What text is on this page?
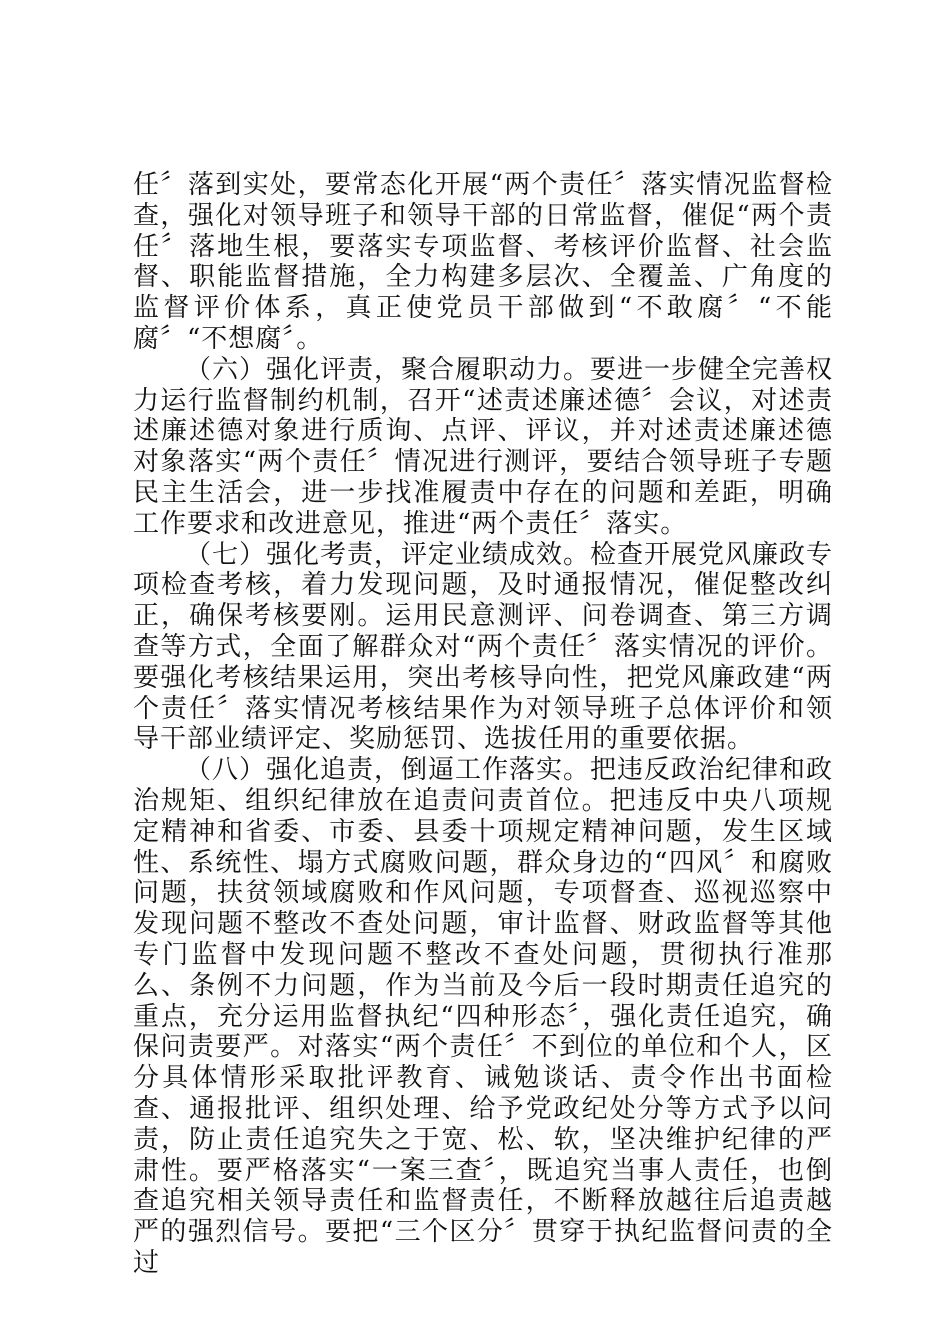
任〞落到实处，要常态化开展“两个责任〞落实情况监督检查，强化对领导班子和领导干部的日常监督，催促“两个责任〞落地生根，要落实专项监督、考核评价监督、社会监督、职能监督措施，全力构建多层次、全覆盖、广角度的监督评价体系，真正使党员干部做到“不敢腐〞“不能腐〞“不想腐〞。

（六）强化评责，聚合履职动力。要进一步健全完善权力运行监督制约机制，召开“述责述廉述德〞会议，对述责述廉述德对象进行质询、点评、评议，并对述责述廉述德对象落实“两个责任〞情况进行测评，要结合领导班子专题民主生活会，进一步找准履责中存在的问题和差距，明确工作要求和改进意见，推进“两个责任〞落实。

（七）强化考责，评定业绩成效。检查开展党风廉政专项检查考核，着力发现问题，及时通报情况，催促整改纠正，确保考核要刚。运用民意测评、问卷调查、第三方调查等方式，全面了解群众对“两个责任〞落实情况的评价。要强化考核结果运用，突出考核导向性，把党风廉政建“两个责任〞落实情况考核结果作为对领导班子总体评价和领导干部业绩评定、奖励惩罚、选拔任用的重要依据。

（八）强化追责，倒逼工作落实。把违反政治纪律和政治规矩、组织纪律放在追责问责首位。把违反中央八项规定精神和省委、市委、县委十项规定精神问题，发生区域性、系统性、塌方式腐败问题，群众身边的“四风〞和腐败问题，扶贫领域腐败和作风问题，专项督查、巡视巡察中发现问题不整改不查处问题，审计监督、财政监督等其他专门监督中发现问题不整改不查处问题，贯彻执行准那么、条例不力问题，作为当前及今后一段时期责任追究的重点，充分运用监督执纪“四种形态〞，强化责任追究，确保问责要严。对落实“两个责任〞不到位的单位和个人，区分具体情形采取批评教育、诫勉谈话、责令作出书面检查、通报批评、组织处理、给予党政纪处分等方式予以问责，防止责任追究失之于宽、松、软，坚决维护纪律的严肃性。要严格落实“一案三查〞，既追究当事人责任，也倒查追究相关领导责任和监督责任，不断释放越往后追责越严的强烈信号。要把“三个区分〞贯穿于执纪监督问责的全过
